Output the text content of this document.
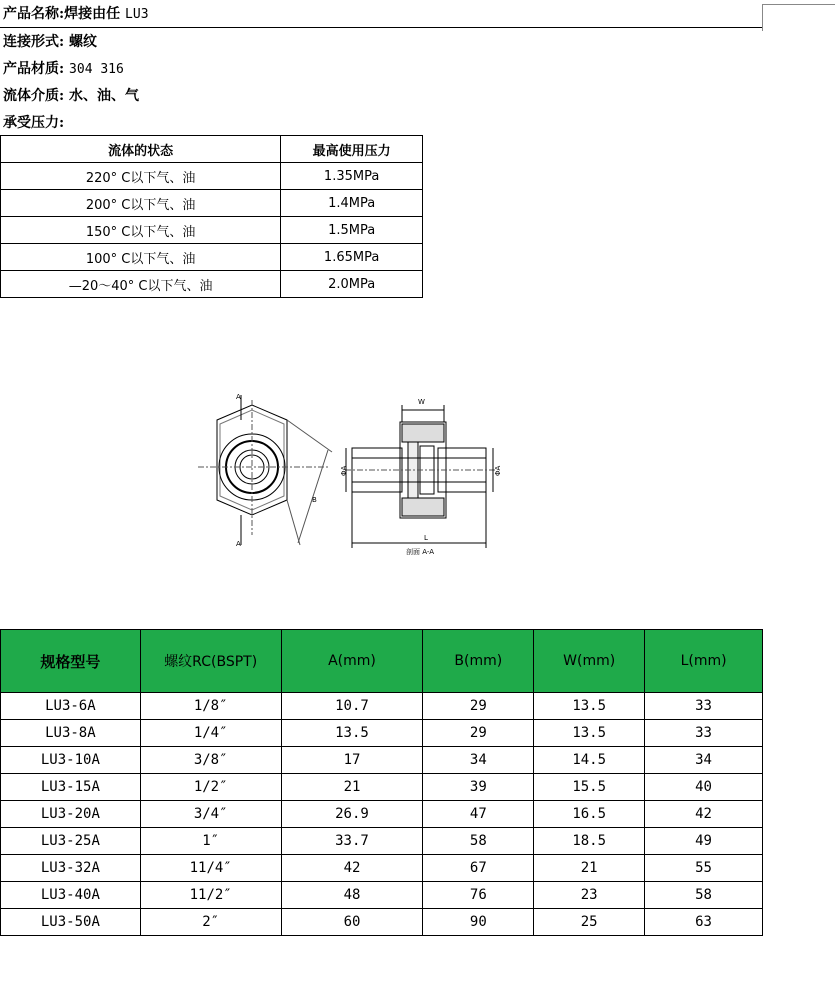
产品名称:焊接由任 LU3
连接形式: 螺纹
产品材质: 304 316
流体介质: 水、油、气
承受压力:
流体的状态	最高使用压力
220° C以下气、油	1.35MPa
200° C以下气、油	1.4MPa
150° C以下气、油	1.5MPa
100° C以下气、油	1.65MPa
—20～40° C以下气、油	2.0MPa
A
A
B
W
L
ΦA	ΦA
剖面 A-A
规格型号	螺纹RC(BSPT)	A(mm)	B(mm)	W(mm)	L(mm)
LU3-6A	1/8″	10.7	29	13.5	33
LU3-8A	1/4″	13.5	29	13.5	33
LU3-10A	3/8″	17	34	14.5	34
LU3-15A	1/2″	21	39	15.5	40
LU3-20A	3/4″	26.9	47	16.5	42
LU3-25A	1″	33.7	58	18.5	49
LU3-32A	11/4″	42	67	21	55
LU3-40A	11/2″	48	76	23	58
LU3-50A	2″	60	90	25	63
